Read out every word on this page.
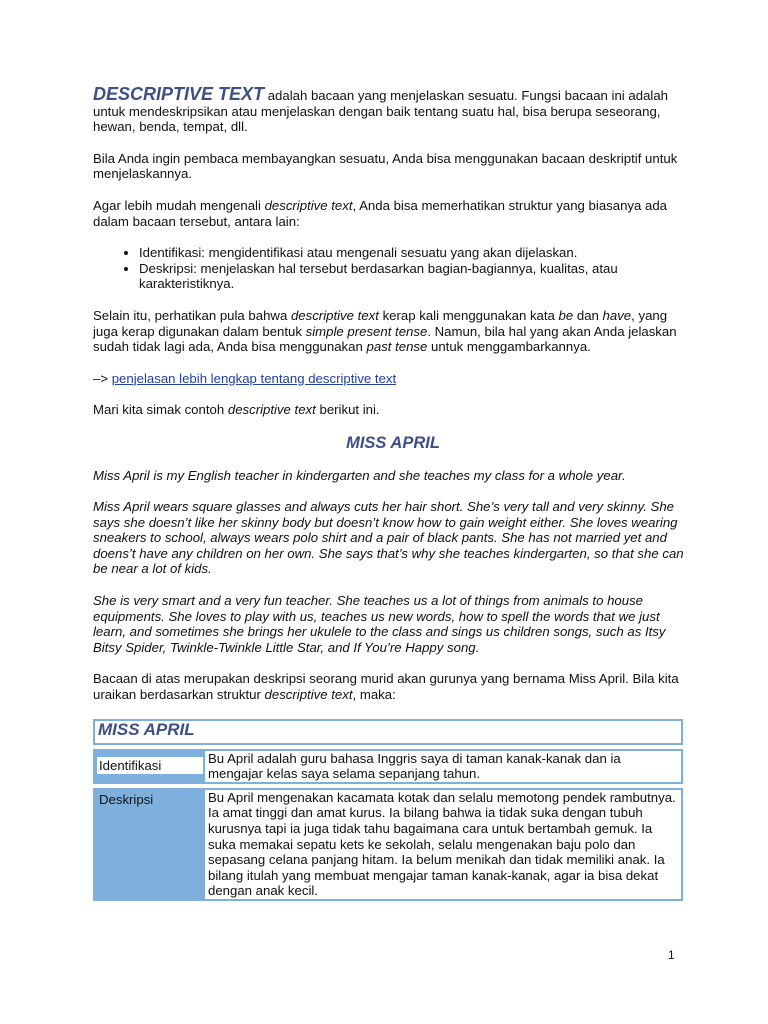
DESCRIPTIVE TEXT adalah bacaan yang menjelaskan sesuatu. Fungsi bacaan ini adalah untuk mendeskripsikan atau menjelaskan dengan baik tentang suatu hal, bisa berupa seseorang, hewan, benda, tempat, dll.

Bila Anda ingin pembaca membayangkan sesuatu, Anda bisa menggunakan bacaan deskriptif untuk menjelaskannya.

Agar lebih mudah mengenali descriptive text, Anda bisa memerhatikan struktur yang biasanya ada dalam bacaan tersebut, antara lain:

• Identifikasi: mengidentifikasi atau mengenali sesuatu yang akan dijelaskan.
• Deskripsi: menjelaskan hal tersebut berdasarkan bagian-bagiannya, kualitas, atau karakteristiknya.

Selain itu, perhatikan pula bahwa descriptive text kerap kali menggunakan kata be dan have, yang juga kerap digunakan dalam bentuk simple present tense. Namun, bila hal yang akan Anda jelaskan sudah tidak lagi ada, Anda bisa menggunakan past tense untuk menggambarkannya.

–> penjelasan lebih lengkap tentang descriptive text

Mari kita simak contoh descriptive text berikut ini.

MISS APRIL

Miss April is my English teacher in kindergarten and she teaches my class for a whole year.

Miss April wears square glasses and always cuts her hair short. She’s very tall and very skinny. She says she doesn’t like her skinny body but doesn’t know how to gain weight either. She loves wearing sneakers to school, always wears polo shirt and a pair of black pants. She has not married yet and doens’t have any children on her own. She says that’s why she teaches kindergarten, so that she can be near a lot of kids.

She is very smart and a very fun teacher. She teaches us a lot of things from animals to house equipments. She loves to play with us, teaches us new words, how to spell the words that we just learn, and sometimes she brings her ukulele to the class and sings us children songs, such as Itsy Bitsy Spider, Twinkle-Twinkle Little Star, and If You’re Happy song.

Bacaan di atas merupakan deskripsi seorang murid akan gurunya yang bernama Miss April. Bila kita uraikan berdasarkan struktur descriptive text, maka:

MISS APRIL
Identifikasi	Bu April adalah guru bahasa Inggris saya di taman kanak-kanak dan ia mengajar kelas saya selama sepanjang tahun.
Deskripsi	Bu April mengenakan kacamata kotak dan selalu memotong pendek rambutnya. Ia amat tinggi dan amat kurus. Ia bilang bahwa ia tidak suka dengan tubuh kurusnya tapi ia juga tidak tahu bagaimana cara untuk bertambah gemuk. Ia suka memakai sepatu kets ke sekolah, selalu mengenakan baju polo dan sepasang celana panjang hitam. Ia belum menikah dan tidak memiliki anak. Ia bilang itulah yang membuat mengajar taman kanak-kanak, agar ia bisa dekat dengan anak kecil.
1
